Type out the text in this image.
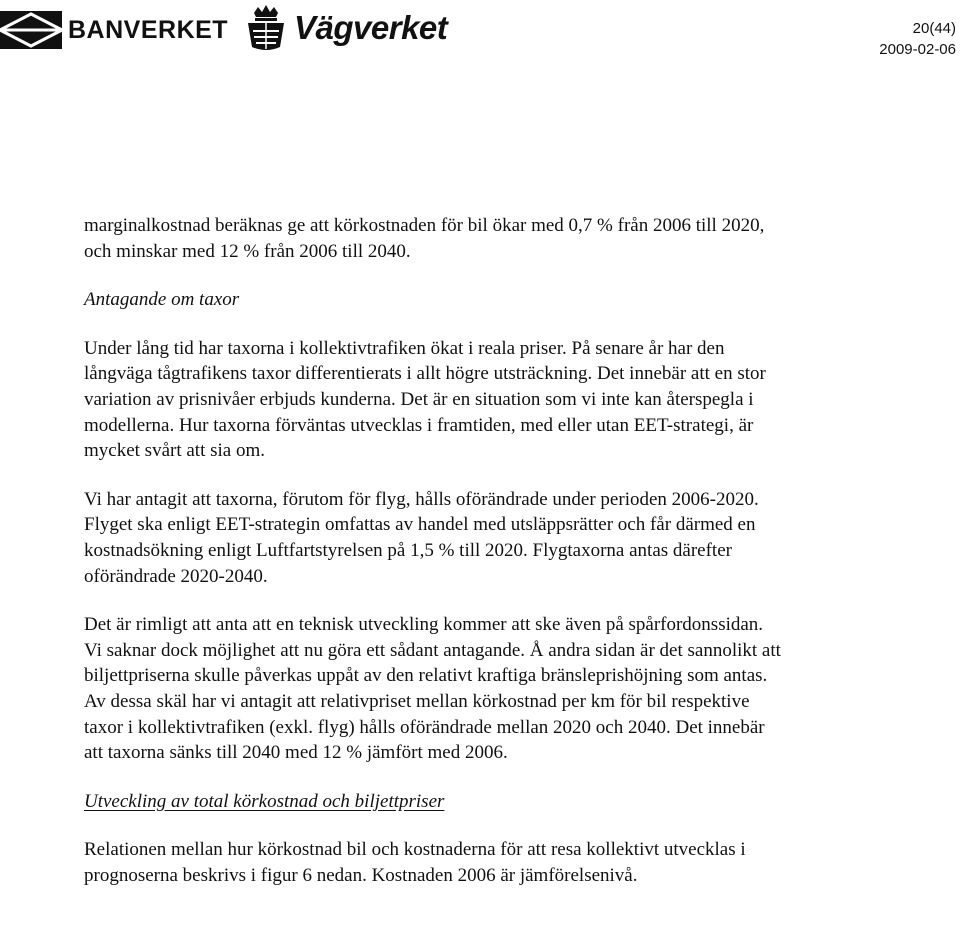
BANVERKET Vägverket	20(44)
2009-02-06

marginalkostnad beräknas ge att körkostnaden för bil ökar med 0,7 % från 2006 till 2020, och minskar med 12 % från 2006 till 2040.

Antagande om taxor

Under lång tid har taxorna i kollektivtrafiken ökat i reala priser. På senare år har den långväga tågtrafikens taxor differentierats i allt högre utsträckning. Det innebär att en stor variation av prisnivåer erbjuds kunderna. Det är en situation som vi inte kan återspegla i modellerna. Hur taxorna förväntas utvecklas i framtiden, med eller utan EET-strategi, är mycket svårt att sia om.

Vi har antagit att taxorna, förutom för flyg, hålls oförändrade under perioden 2006-2020. Flyget ska enligt EET-strategin omfattas av handel med utsläppsrätter och får därmed en kostnadsökning enligt Luftfartstyrelsen på 1,5 % till 2020. Flygtaxorna antas därefter oförändrade 2020-2040.

Det är rimligt att anta att en teknisk utveckling kommer att ske även på spårfordonssidan. Vi saknar dock möjlighet att nu göra ett sådant antagande. Å andra sidan är det sannolikt att biljettpriserna skulle påverkas uppåt av den relativt kraftiga bränsleprishöjning som antas. Av dessa skäl har vi antagit att relativpriset mellan körkostnad per km för bil respektive taxor i kollektivtrafiken (exkl. flyg) hålls oförändrade mellan 2020 och 2040. Det innebär att taxorna sänks till 2040 med 12 % jämfört med 2006.

Utveckling av total körkostnad och biljettpriser

Relationen mellan hur körkostnad bil och kostnaderna för att resa kollektivt utvecklas i prognoserna beskrivs i figur 6 nedan. Kostnaden 2006 är jämförelsenivå.
